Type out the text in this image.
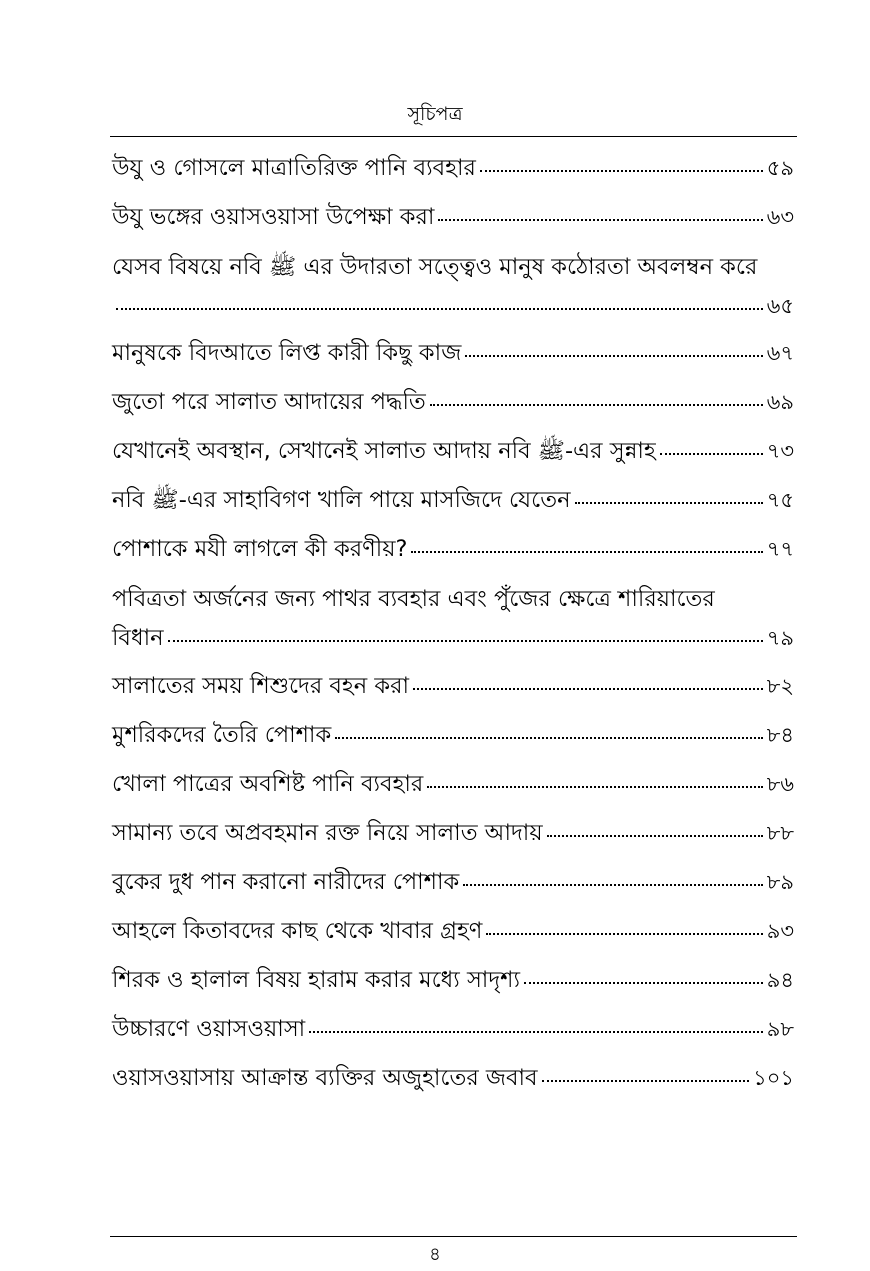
সূচিপত্র
উযু ও গোসলে মাত্রাতিরিক্ত পানি ব্যবহার	৫৯
উযু ভঙ্গের ওয়াসওয়াসা উপেক্ষা করা	৬৩
যেসব বিষয়ে নবি ﷺ এর উদারতা সত্ত্বেও মানুষ কঠোরতা অবলম্বন করে
৬৫
মানুষকে বিদআতে লিপ্ত কারী কিছু কাজ	৬৭
জুতো পরে সালাত আদায়ের পদ্ধতি	৬৯
যেখানেই অবস্থান, সেখানেই সালাত আদায় নবি ﷺ-এর সুন্নাহ	৭৩
নবি ﷺ-এর সাহাবিগণ খালি পায়ে মাসজিদে যেতেন	৭৫
পোশাকে মযী লাগলে কী করণীয়?	৭৭
পবিত্রতা অর্জনের জন্য পাথর ব্যবহার এবং পুঁজের ক্ষেত্রে শারিয়াতের
বিধান	৭৯
সালাতের সময় শিশুদের বহন করা	৮২
মুশরিকদের তৈরি পোশাক	৮৪
খোলা পাত্রের অবশিষ্ট পানি ব্যবহার	৮৬
সামান্য তবে অপ্রবহমান রক্ত নিয়ে সালাত আদায়	৮৮
বুকের দুধ পান করানো নারীদের পোশাক	৮৯
আহলে কিতাবদের কাছ থেকে খাবার গ্রহণ	৯৩
শিরক ও হালাল বিষয় হারাম করার মধ্যে সাদৃশ্য	৯৪
উচ্চারণে ওয়াসওয়াসা	৯৮
ওয়াসওয়াসায় আক্রান্ত ব্যক্তির অজুহাতের জবাব	১০১
৪
